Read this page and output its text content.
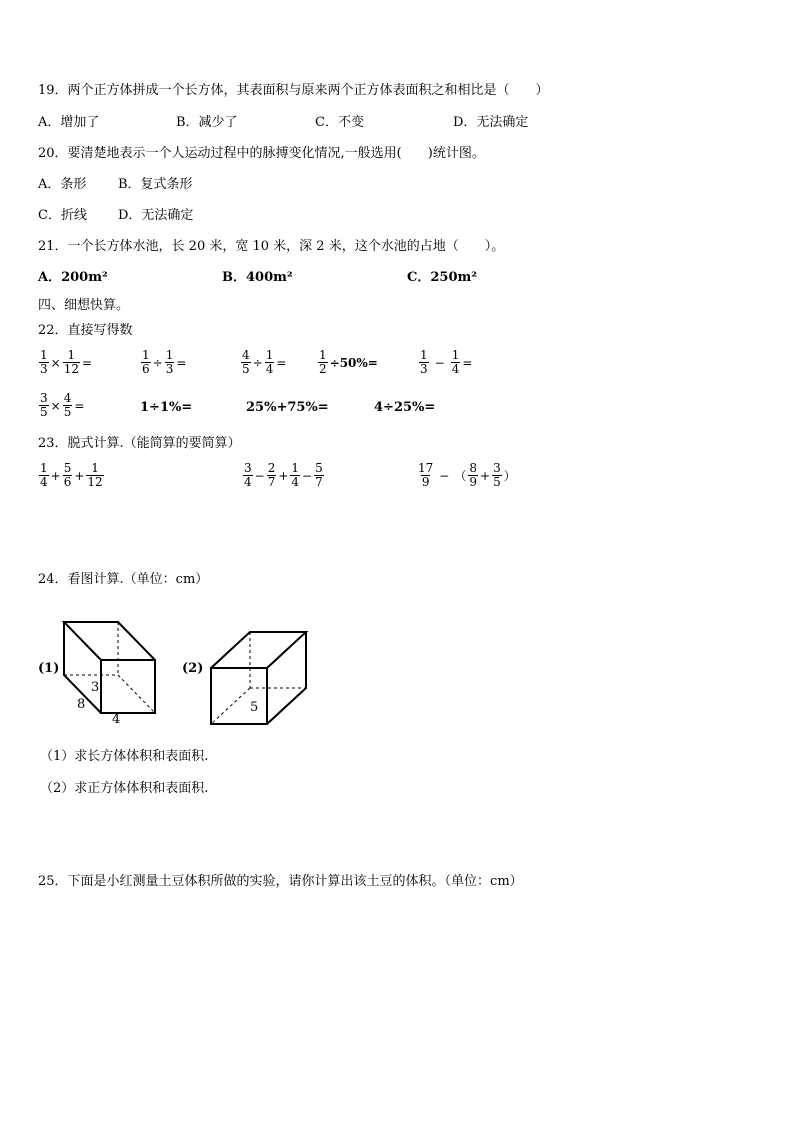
19．两个正方体拼成一个长方体，其表面积与原来两个正方体表面积之和相比是（　　）
A．增加了	B．减少了	C．不变	D．无法确定
20．要清楚地表示一个人运动过程中的脉搏变化情况,一般选用(　　)统计图。
A．条形 B．复式条形
C．折线 D．无法确定
21．一个长方体水池，长 20 米，宽 10 米，深 2 米，这个水池的占地（　　）。
A．200m²	B．400m²	C．250m²
四、细想快算。
22．直接写得数
$\frac{1}{3} \times \frac{1}{12}$ =	$\frac{1}{6} \div \frac{1}{3}$ =	$\frac{4}{5} \div \frac{1}{4}$ =	$\frac{1}{2} \div 50\%=$	$\frac{1}{3} - \frac{1}{4}$ =
$\frac{3}{5} \times \frac{4}{5}$ =	1÷1%=	25%+75%=	4÷25%=
23．脱式计算.（能简算的要简算）
$\frac{1}{4} + \frac{5}{6} + \frac{1}{12}$	$\frac{3}{4} - \frac{2}{7} + \frac{1}{4} - \frac{5}{7}$	$\frac{17}{9}$ − （ $\frac{8}{9} + \frac{3}{5}$ ）
24．看图计算.（单位：cm）
(1)
3
8
4
(2)
5
（1）求长方体体积和表面积.
（2）求正方体体积和表面积.
25．下面是小红测量土豆体积所做的实验，请你计算出该土豆的体积。（单位：cm）
